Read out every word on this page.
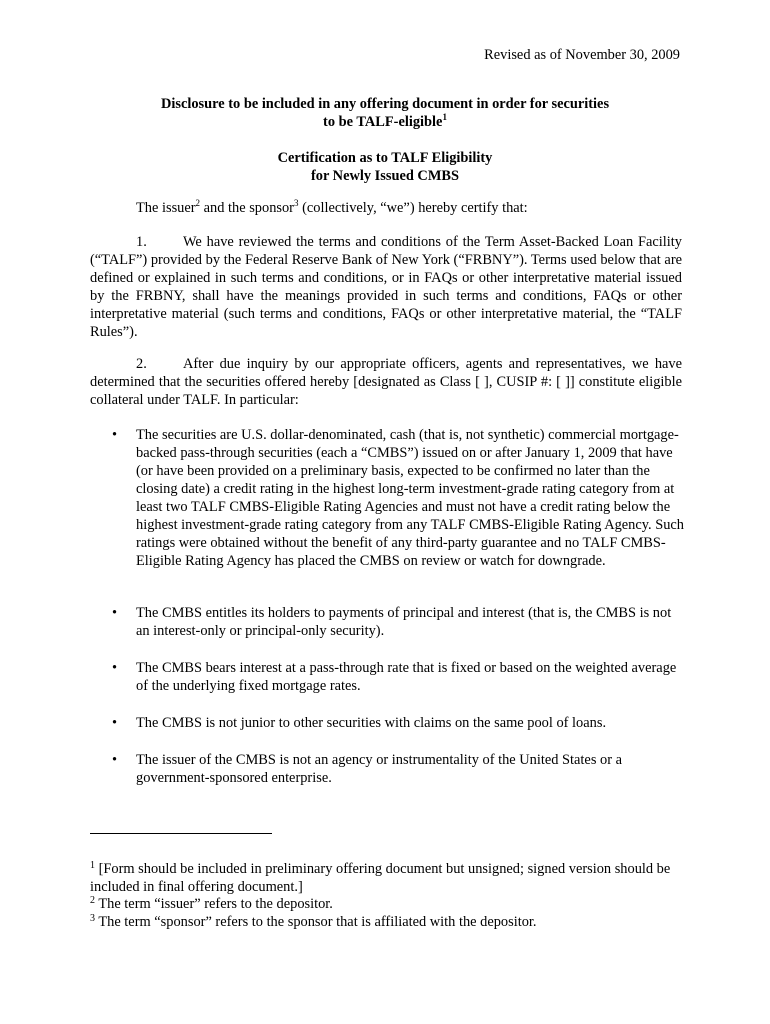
Revised as of November 30, 2009
Disclosure to be included in any offering document in order for securities
to be TALF-eligible$^1$
Certification as to TALF Eligibility
for Newly Issued CMBS
The issuer$^2$ and the sponsor$^3$ (collectively, “we”) hereby certify that:

1.	We have reviewed the terms and conditions of the Term Asset-Backed Loan Facility (“TALF”) provided by the Federal Reserve Bank of New York (“FRBNY”). Terms used below that are defined or explained in such terms and conditions, or in FAQs or other interpretative material issued by the FRBNY, shall have the meanings provided in such terms and conditions, FAQs or other interpretative material (such terms and conditions, FAQs or other interpretative material, the “TALF Rules”).

2.	After due inquiry by our appropriate officers, agents and representatives, we have determined that the securities offered hereby [designated as Class [ ], CUSIP #: [ ]] constitute eligible collateral under TALF. In particular:

• The securities are U.S. dollar-denominated, cash (that is, not synthetic) commercial mortgage-backed pass-through securities (each a “CMBS”) issued on or after January 1, 2009 that have (or have been provided on a preliminary basis, expected to be confirmed no later than the closing date) a credit rating in the highest long-term investment-grade rating category from at least two TALF CMBS-Eligible Rating Agencies and must not have a credit rating below the highest investment-grade rating category from any TALF CMBS-Eligible Rating Agency. Such ratings were obtained without the benefit of any third-party guarantee and no TALF CMBS-Eligible Rating Agency has placed the CMBS on review or watch for downgrade.
• The CMBS entitles its holders to payments of principal and interest (that is, the CMBS is not an interest-only or principal-only security).
• The CMBS bears interest at a pass-through rate that is fixed or based on the weighted average of the underlying fixed mortgage rates.
• The CMBS is not junior to other securities with claims on the same pool of loans.
• The issuer of the CMBS is not an agency or instrumentality of the United States or a government-sponsored enterprise.
$^1$ [Form should be included in preliminary offering document but unsigned; signed version should be included in final offering document.]
$^2$ The term “issuer” refers to the depositor.
$^3$ The term “sponsor” refers to the sponsor that is affiliated with the depositor.
